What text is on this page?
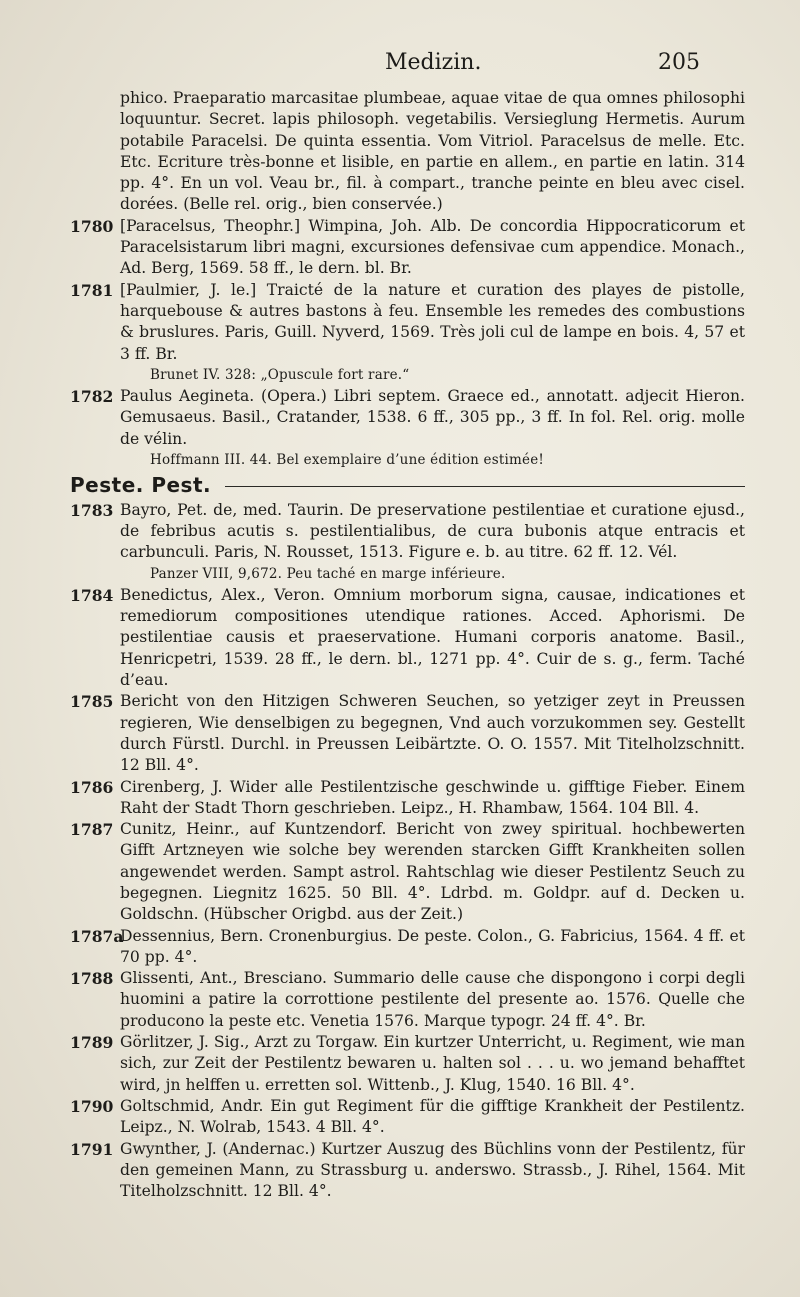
Medizin.	205

phico. Praeparatio marcasitae plumbeae, aquae vitae de qua omnes philosophi loquuntur. Secret. lapis philosoph. vegetabilis. Versieglung Hermetis. Aurum potabile Paracelsi. De quinta essentia. Vom Vitriol. Paracelsus de melle. Etc. Etc. Ecriture très-bonne et lisible, en partie en allem., en partie en latin. 314 pp. 4°. En un vol. Veau br., fil. à compart., tranche peinte en bleu avec cisel. dorées. (Belle rel. orig., bien conservée.)

1780 [Paracelsus, Theophr.] Wimpina, Joh. Alb. De concordia Hippocraticorum et Paracelsistarum libri magni, excursiones defensivae cum appendice. Monach., Ad. Berg, 1569. 58 ff., le dern. bl. Br.

1781 [Paulmier, J. le.] Traicté de la nature et curation des playes de pistolle, harquebouse & autres bastons à feu. Ensemble les remedes des combustions & bruslures. Paris, Guill. Nyverd, 1569. Très joli cul de lampe en bois. 4, 57 et 3 ff. Br.
Brunet IV. 328: „Opuscule fort rare.“

1782 Paulus Aegineta. (Opera.) Libri septem. Graece ed., annotatt. adjecit Hieron. Gemusaeus. Basil., Cratander, 1538. 6 ff., 305 pp., 3 ff. In fol. Rel. orig. molle de vélin.
Hoffmann III. 44. Bel exemplaire d’une édition estimée!

Peste. Pest.

1783 Bayro, Pet. de, med. Taurin. De preservatione pestilentiae et curatione ejusd., de febribus acutis s. pestilentialibus, de cura bubonis atque entracis et carbunculi. Paris, N. Rousset, 1513. Figure e. b. au titre. 62 ff. 12. Vél.
Panzer VIII, 9,672. Peu taché en marge inférieure.

1784 Benedictus, Alex., Veron. Omnium morborum signa, causae, indicationes et remediorum compositiones utendique rationes. Acced. Aphorismi. De pestilentiae causis et praeservatione. Humani corporis anatome. Basil., Henricpetri, 1539. 28 ff., le dern. bl., 1271 pp. 4°. Cuir de s. g., ferm. Taché d’eau.

1785 Bericht von den Hitzigen Schweren Seuchen, so yetziger zeyt in Preussen regieren, Wie denselbigen zu begegnen, Vnd auch vorzukommen sey. Gestellt durch Fürstl. Durchl. in Preussen Leibärtzte. O. O. 1557. Mit Titelholzschnitt. 12 Bll. 4°.

1786 Cirenberg, J. Wider alle Pestilentzische geschwinde u. gifftige Fieber. Einem Raht der Stadt Thorn geschrieben. Leipz., H. Rhambaw, 1564. 104 Bll. 4.

1787 Cunitz, Heinr., auf Kuntzendorf. Bericht von zwey spiritual. hochbewerten Gifft Artzneyen wie solche bey werenden starcken Gifft Krankheiten sollen angewendet werden. Sampt astrol. Rahtschlag wie dieser Pestilentz Seuch zu begegnen. Liegnitz 1625. 50 Bll. 4°. Ldrbd. m. Goldpr. auf d. Decken u. Goldschn. (Hübscher Origbd. aus der Zeit.)

1787a
Dessennius, Bern. Cronenburgius. De peste. Colon., G. Fabricius, 1564. 4 ff. et 70 pp. 4°.

1788 Glissenti, Ant., Bresciano. Summario delle cause che dispongono i corpi degli huomini a patire la corrottione pestilente del presente ao. 1576. Quelle che producono la peste etc. Venetia 1576. Marque typogr. 24 ff. 4°. Br.

1789 Görlitzer, J. Sig., Arzt zu Torgaw. Ein kurtzer Unterricht, u. Regiment, wie man sich, zur Zeit der Pestilentz bewaren u. halten sol . . . u. wo jemand behafftet wird, jn helffen u. erretten sol. Wittenb., J. Klug, 1540. 16 Bll. 4°.

1790 Goltschmid, Andr. Ein gut Regiment für die gifftige Krankheit der Pestilentz. Leipz., N. Wolrab, 1543. 4 Bll. 4°.

1791 Gwynther, J. (Andernac.) Kurtzer Auszug des Büchlins vonn der Pestilentz, für den gemeinen Mann, zu Strassburg u. anderswo. Strassb., J. Rihel, 1564. Mit Titelholzschnitt. 12 Bll. 4°.
